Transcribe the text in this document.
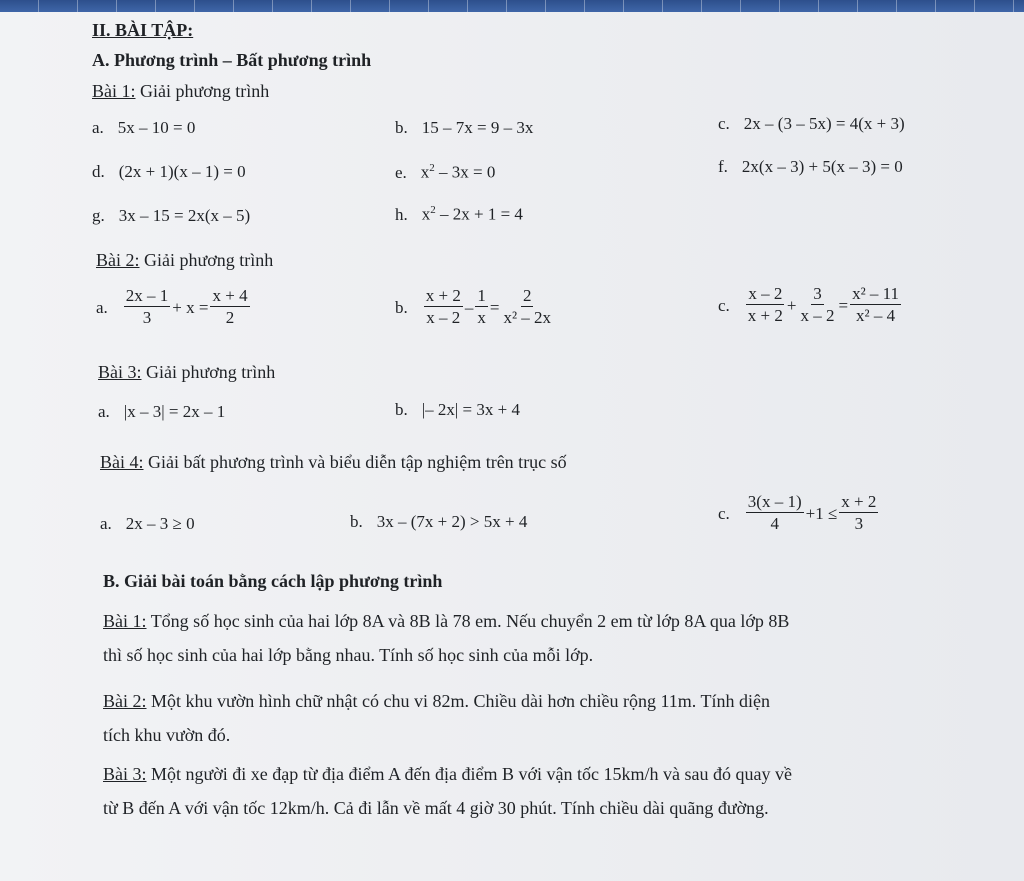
II. BÀI TẬP:
A. Phương trình – Bất phương trình
Bài 1: Giải phương trình
a. 5x – 10 = 0	b. 15 – 7x = 9 – 3x	c. 2x – (3 – 5x) = 4(x + 3)
d. (2x + 1)(x – 1) = 0	e. $x^2 - 3x = 0$	f. 2x(x – 3) + 5(x – 3) = 0
g. 3x – 15 = 2x(x – 5)	h. $x^2 - 2x + 1 = 4$
Bài 2: Giải phương trình
a. $\frac{2x - 1}{3} + x = \frac{x + 4}{2}$	b. $\frac{x + 2}{x - 2} - \frac{1}{x} = \frac{2}{\text{x² – 2x}}$	c. $\frac{x - 2}{x + 2} + \frac{3}{x - 2} = \frac{\text{x² – 11}}{\text{x² – 4}}$
Bài 3: Giải phương trình
a. |x – 3| = 2x – 1	b. |– 2x| = 3x + 4
Bài 4: Giải bất phương trình và biểu diễn tập nghiệm trên trục số
a. 2x – 3 ≥ 0	b. 3x – (7x + 2) > 5x + 4	c. $\frac{3(x - 1)}{4} +1 \le \frac{x + 2}{3}$
B. Giải bài toán bằng cách lập phương trình
Bài 1: Tổng số học sinh của hai lớp 8A và 8B là 78 em. Nếu chuyển 2 em từ lớp 8A qua lớp 8B
thì số học sinh của hai lớp bằng nhau. Tính số học sinh của mỗi lớp.
Bài 2: Một khu vườn hình chữ nhật có chu vi 82m. Chiều dài hơn chiều rộng 11m. Tính diện
tích khu vườn đó.
Bài 3: Một người đi xe đạp từ địa điểm A đến địa điểm B với vận tốc 15km/h và sau đó quay về
từ B đến A với vận tốc 12km/h. Cả đi lẫn về mất 4 giờ 30 phút. Tính chiều dài quãng đường.
